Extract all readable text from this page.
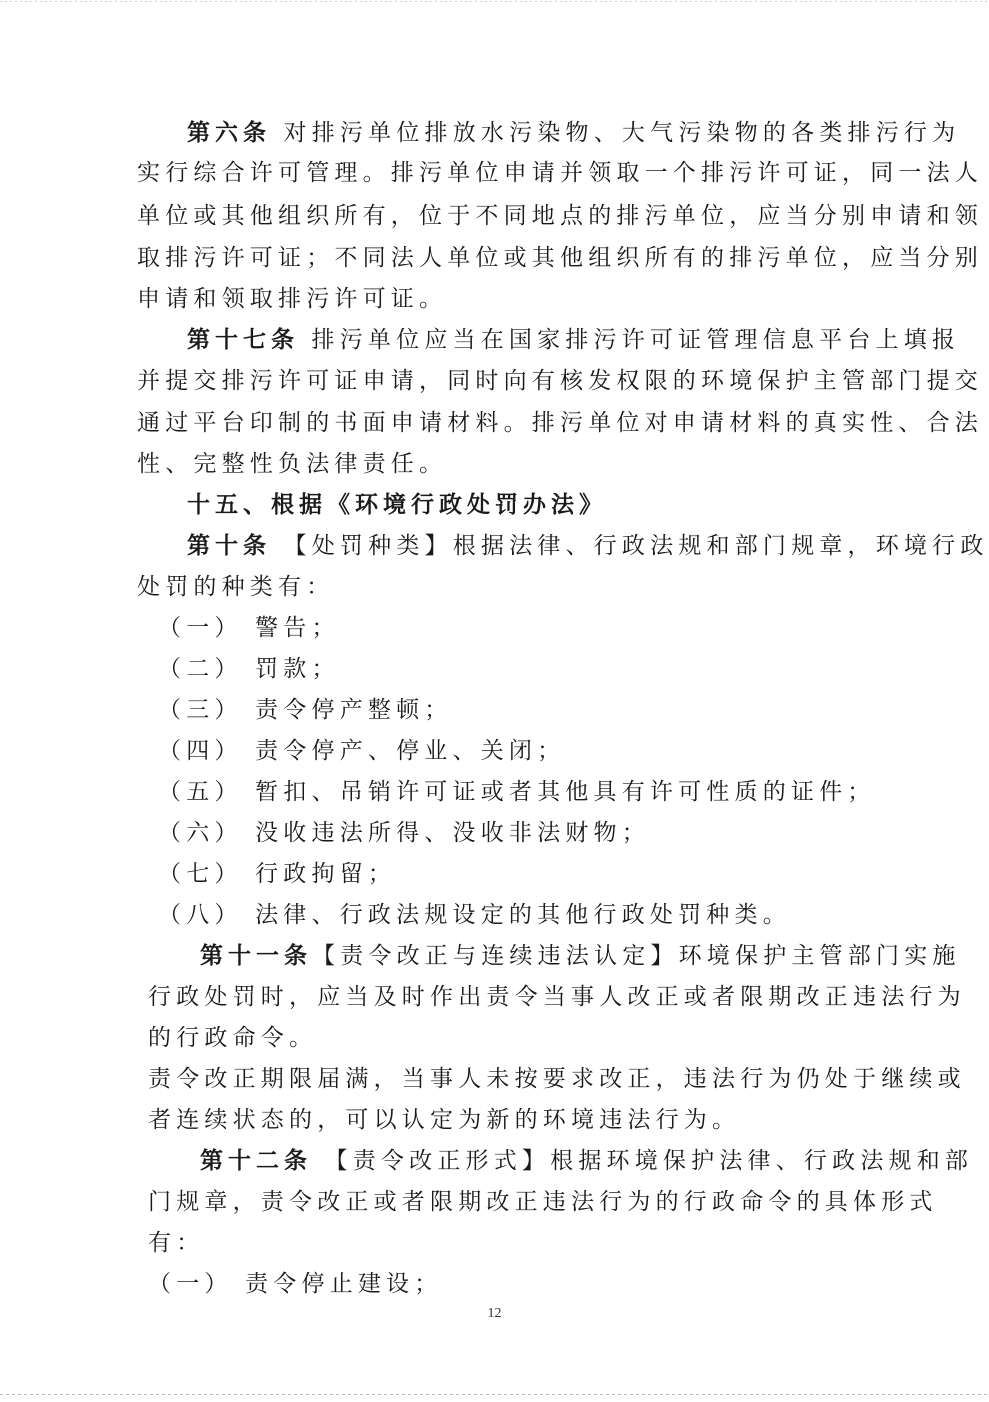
第六条 对排污单位排放水污染物、大气污染物的各类排污行为
实行综合许可管理。排污单位申请并领取一个排污许可证，同一法人
单位或其他组织所有，位于不同地点的排污单位，应当分别申请和领
取排污许可证；不同法人单位或其他组织所有的排污单位，应当分别
申请和领取排污许可证。
第十七条 排污单位应当在国家排污许可证管理信息平台上填报
并提交排污许可证申请，同时向有核发权限的环境保护主管部门提交
通过平台印制的书面申请材料。排污单位对申请材料的真实性、合法
性、完整性负法律责任。
十五、根据《环境行政处罚办法》
第十条 【处罚种类】根据法律、行政法规和部门规章，环境行政
处罚的种类有：
（一） 警告；
（二） 罚款；
（三） 责令停产整顿；
（四） 责令停产、停业、关闭；
（五） 暂扣、吊销许可证或者其他具有许可性质的证件；
（六） 没收违法所得、没收非法财物；
（七） 行政拘留；
（八） 法律、行政法规设定的其他行政处罚种类。
第十一条【责令改正与连续违法认定】环境保护主管部门实施
行政处罚时，应当及时作出责令当事人改正或者限期改正违法行为
的行政命令。
责令改正期限届满，当事人未按要求改正，违法行为仍处于继续或
者连续状态的，可以认定为新的环境违法行为。
第十二条 【责令改正形式】根据环境保护法律、行政法规和部
门规章，责令改正或者限期改正违法行为的行政命令的具体形式
有：
（一） 责令停止建设；
12
